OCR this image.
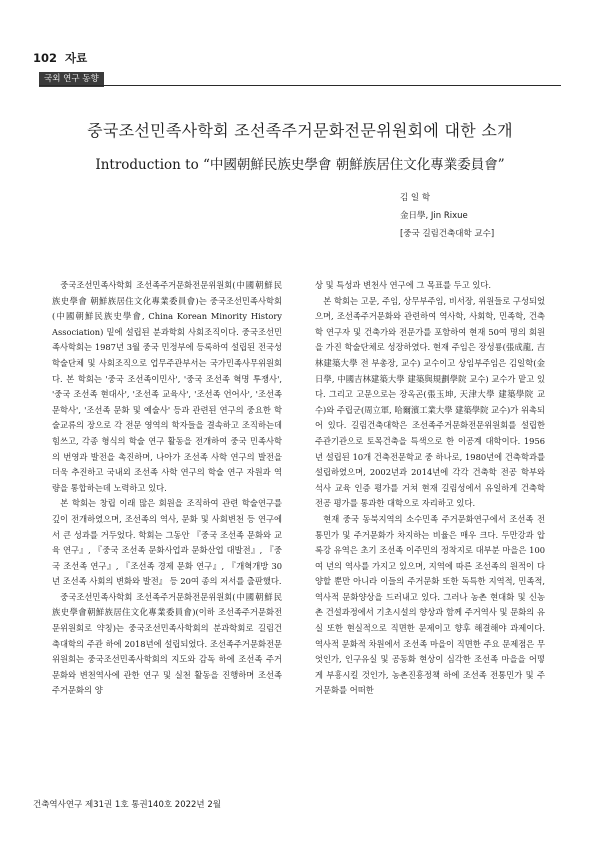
102 자료
국외 연구 동향
중국조선민족사학회 조선족주거문화전문위원회에 대한 소개
Introduction to “中國朝鮮民族史學會 朝鮮族居住文化專業委員會”
김 일 학
金日學, Jin Rixue
[중국 길림건축대학 교수]

중국조선민족사학회 조선족주거문화전문위원회(中國朝鮮民族史學會 朝鮮族居住文化專業委員會)는 중국조선민족사학회(中國朝鮮民族史學會, China Korean Minority History Association) 밑에 설립된 분과학회 사회조직이다. 중국조선민족사학회는 1987년 3월 중국 민정부에 등록하여 설립된 전국성 학술단체 및 사회조직으로 업무주관부서는 국가민족사무위원회다. 본 학회는 '중국 조선족이민사', '중국 조선족 혁명 투쟁사', '중국 조선족 현대사', '조선족 교육사', '조선족 언어사', '조선족 문학사', '조선족 문화 및 예술사' 등과 관련된 연구의 중요한 학술교류의 장으로 각 전문 영역의 학자들을 결속하고 조직하는데 힘쓰고, 각종 형식의 학술 연구 활동을 전개하여 중국 민족사학의 번영과 발전을 촉진하며, 나아가 조선족 사학 연구의 발전을 더욱 추진하고 국내외 조선족 사학 연구의 학술 연구 자원과 역량을 통합하는데 노력하고 있다.

본 학회는 창립 이래 많은 회원을 조직하여 관련 학술연구를 깊이 전개하였으며, 조선족의 역사, 문화 및 사회변천 등 연구에서 큰 성과를 거두었다. 학회는 그동안 『중국 조선족 문화와 교육 연구』, 『중국 조선족 문화사업과 문화산업 대발전』, 『중국 조선족 연구』, 『조선족 경제 문화 연구』, 『개혁개방 30년 조선족 사회의 변화와 발전』 등 20여 종의 저서를 출판했다.

중국조선민족사학회 조선족주거문화전문위원회(中國朝鮮民族史學會朝鮮族居住文化專業委員會)(이하 조선족주거문화전문위원회로 약칭)는 중국조선민족사학회의 분과학회로 길림건축대학의 주관 하에 2018년에 설립되었다. 조선족주거문화전문위원회는 중국조선민족사학회의 지도와 감독 하에 조선족 주거문화와 변천역사에 관한 연구 및 실천 활동을 진행하며 조선족 주거문화의 양

상 및 특성과 변천사 연구에 그 목표를 두고 있다.

본 학회는 고문, 주임, 상무부주임, 비서장, 위원들로 구성되었으며, 조선족주거문화와 관련하여 역사학, 사회학, 민족학, 건축학 연구자 및 건축가와 전문가를 포함하여 현재 50여 명의 회원을 가진 학술단체로 성장하였다. 현재 주임은 장성룡(張成龍, 吉林建築大學 전 부총장, 교수) 교수이고 상임부주임은 김일학(金日學, 中國吉林建築大學 建築與規劃學院 교수) 교수가 맡고 있다. 그리고 고문으로는 장옥곤(張玉坤, 天津大學 建築學院 교수)와 주립군(周立軍, 哈爾濱工業大學 建築學院 교수)가 위촉되어 있다. 길림건축대학은 조선족주거문화전문위원회를 설립한 주관기관으로 토목건축을 특색으로 한 이공계 대학이다. 1956년 설립된 10개 건축전문학교 중 하나로, 1980년에 건축학과를 설립하였으며, 2002년과 2014년에 각각 건축학 전공 학부와 석사 교육 인증 평가를 거쳐 현재 길림성에서 유일하게 건축학 전공 평가를 통과한 대학으로 자리하고 있다.

현재 중국 동북지역의 소수민족 주거문화연구에서 조선족 전통민가 및 주거문화가 차지하는 비율은 매우 크다. 두만강과 압록강 유역은 초기 조선족 이주민의 정착지로 대부분 마을은 100여 년의 역사를 가지고 있으며, 지역에 따른 조선족의 원적이 다양할 뿐만 아니라 이들의 주거문화 또한 독특한 지역적, 민족적, 역사적 문화양상을 드러내고 있다. 그러나 농촌 현대화 및 신농촌 건설과정에서 기초시설의 향상과 함께 주거역사 및 문화의 유실 또한 현실적으로 직면한 문제이고 향후 해결해야 과제이다. 역사적 문화적 차원에서 조선족 마을이 직면한 주요 문제점은 무엇인가, 인구유실 및 공동화 현상이 심각한 조선족 마을을 어떻게 부흥시킬 것인가, 농촌진흥정책 하에 조선족 전통민가 및 주거문화를 어떠한

건축역사연구 제31권 1호 통권140호 2022년 2월
